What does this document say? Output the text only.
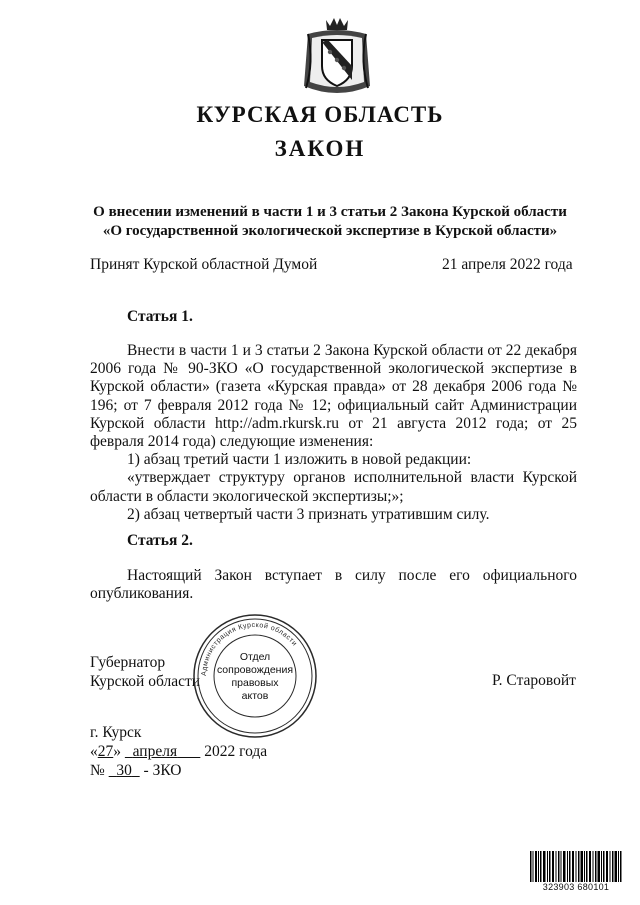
КУРСКАЯ ОБЛАСТЬ
ЗАКОН
О внесении изменений в части 1 и 3 статьи 2 Закона Курской области
«О государственной экологической экспертизе в Курской области»
Принят Курской областной Думой	21 апреля 2022 года
Статья 1.

Внести в части 1 и 3 статьи 2 Закона Курской области от 22 декабря 2006 года № 90-ЗКО «О государственной экологической экспертизе в Курской области» (газета «Курская правда» от 28 декабря 2006 года № 196; от 7 февраля 2012 года № 12; официальный сайт Администрации Курской области http://adm.rkursk.ru от 21 августа 2012 года; от 25 февраля 2014 года) следующие изменения:

1) абзац третий части 1 изложить в новой редакции:

«утверждает структуру органов исполнительной власти Курской области в области экологической экспертизы;»;

2) абзац четвертый части 3 признать утратившим силу.

Статья 2.

Настоящий Закон вступает в силу после его официального опубликования.

Губернатор
Курской области	Р. Старовойт
Администрация Курской области
Отдел
сопровождения
правовых
актов
г. Курск
«27» апреля 2022 года
№ 30 - ЗКО
323903 680101
